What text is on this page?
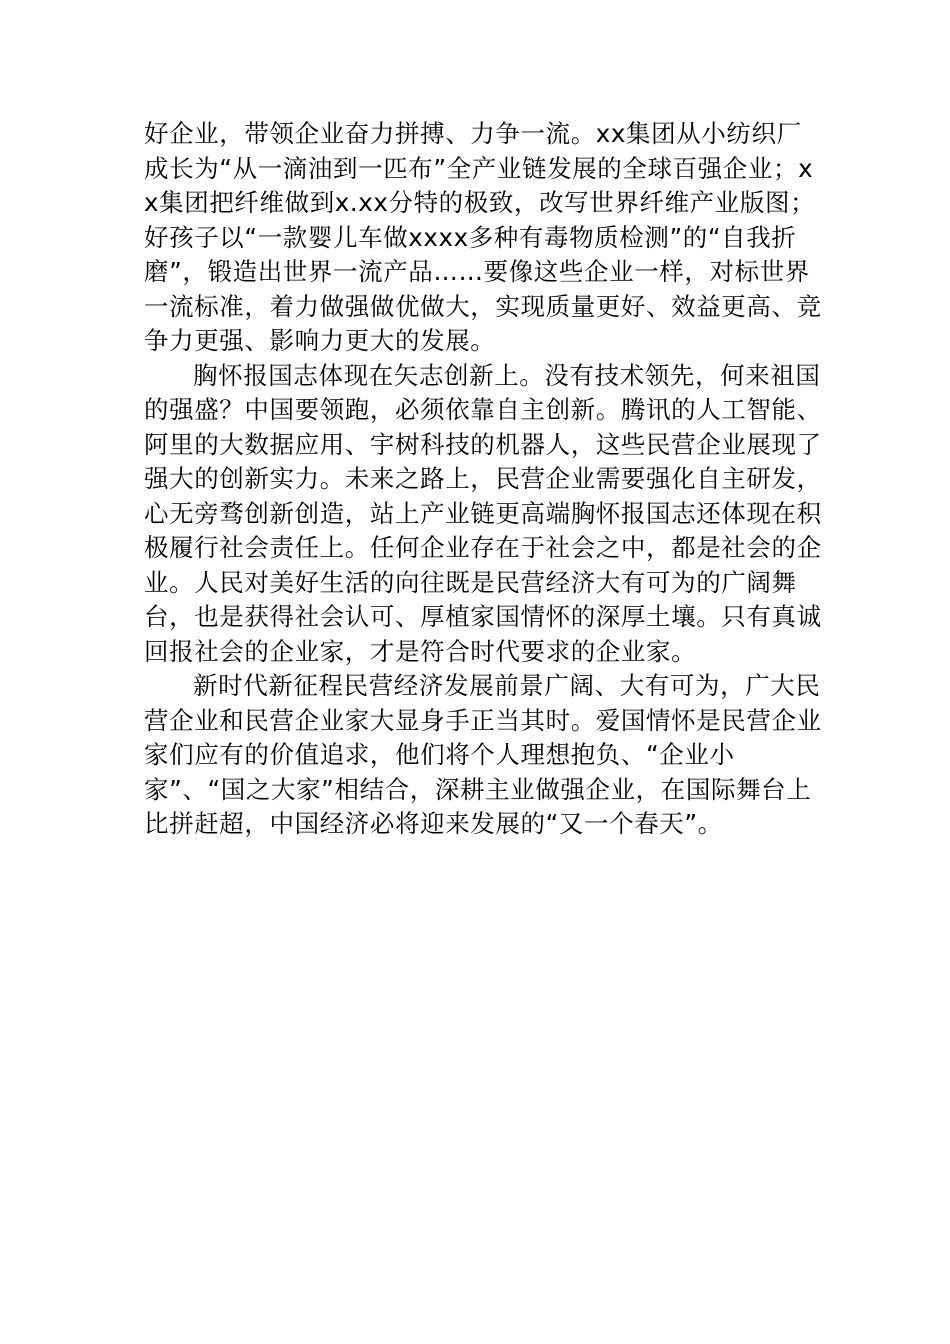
好企业，带领企业奋力拼搏、力争一流。xx集团从小纺织厂成长为“从一滴油到一匹布”全产业链发展的全球百强企业；xx集团把纤维做到x.xx分特的极致，改写世界纤维产业版图；好孩子以“一款婴儿车做xxxx多种有毒物质检测”的“自我折磨”，锻造出世界一流产品……要像这些企业一样，对标世界一流标准，着力做强做优做大，实现质量更好、效益更高、竞争力更强、影响力更大的发展。

胸怀报国志体现在矢志创新上。没有技术领先，何来祖国的强盛？中国要领跑，必须依靠自主创新。腾讯的人工智能、阿里的大数据应用、宇树科技的机器人，这些民营企业展现了强大的创新实力。未来之路上，民营企业需要强化自主研发，心无旁骛创新创造，站上产业链更高端胸怀报国志还体现在积极履行社会责任上。任何企业存在于社会之中，都是社会的企业。人民对美好生活的向往既是民营经济大有可为的广阔舞台，也是获得社会认可、厚植家国情怀的深厚土壤。只有真诚回报社会的企业家，才是符合时代要求的企业家。

新时代新征程民营经济发展前景广阔、大有可为，广大民营企业和民营企业家大显身手正当其时。爱国情怀是民营企业家们应有的价值追求，他们将个人理想抱负、“企业小家”、“国之大家”相结合，深耕主业做强企业，在国际舞台上比拼赶超，中国经济必将迎来发展的“又一个春天”。
